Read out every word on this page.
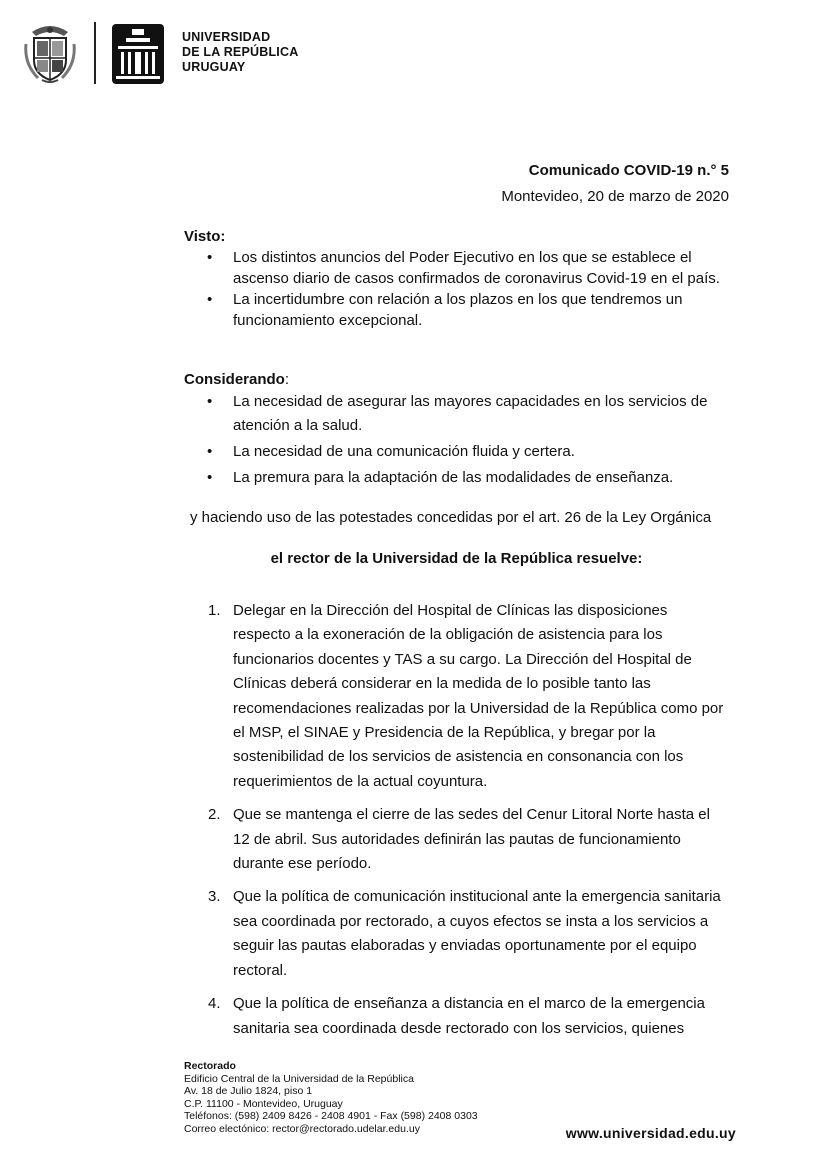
UNIVERSIDAD
DE LA REPÚBLICA
URUGUAY
Comunicado COVID-19 n.° 5
Montevideo, 20 de marzo de 2020
Visto:
• Los distintos anuncios del Poder Ejecutivo en los que se establece el ascenso diario de casos confirmados de coronavirus Covid-19 en el país.
• La incertidumbre con relación a los plazos en los que tendremos un funcionamiento excepcional.
Considerando:
• La necesidad de asegurar las mayores capacidades en los servicios de atención a la salud.
• La necesidad de una comunicación fluida y certera.
• La premura para la adaptación de las modalidades de enseñanza.
y haciendo uso de las potestades concedidas por el art. 26 de la Ley Orgánica
el rector de la Universidad de la República resuelve:
1. Delegar en la Dirección del Hospital de Clínicas las disposiciones respecto a la exoneración de la obligación de asistencia para los funcionarios docentes y TAS a su cargo. La Dirección del Hospital de Clínicas deberá considerar en la medida de lo posible tanto las recomendaciones realizadas por la Universidad de la República como por el MSP, el SINAE y Presidencia de la República, y bregar por la sostenibilidad de los servicios de asistencia en consonancia con los requerimientos de la actual coyuntura.
2. Que se mantenga el cierre de las sedes del Cenur Litoral Norte hasta el 12 de abril. Sus autoridades definirán las pautas de funcionamiento durante ese período.
3. Que la política de comunicación institucional ante la emergencia sanitaria sea coordinada por rectorado, a cuyos efectos se insta a los servicios a seguir las pautas elaboradas y enviadas oportunamente por el equipo rectoral.
4. Que la política de enseñanza a distancia en el marco de la emergencia sanitaria sea coordinada desde rectorado con los servicios, quienes
Rectorado
Edificio Central de la Universidad de la República
Av. 18 de Julio 1824, piso 1
C.P. 11100 - Montevideo, Uruguay
Teléfonos: (598) 2409 8426 - 2408 4901 - Fax (598) 2408 0303
Correo electónico: rector@rectorado.udelar.edu.uy	www.universidad.edu.uy
